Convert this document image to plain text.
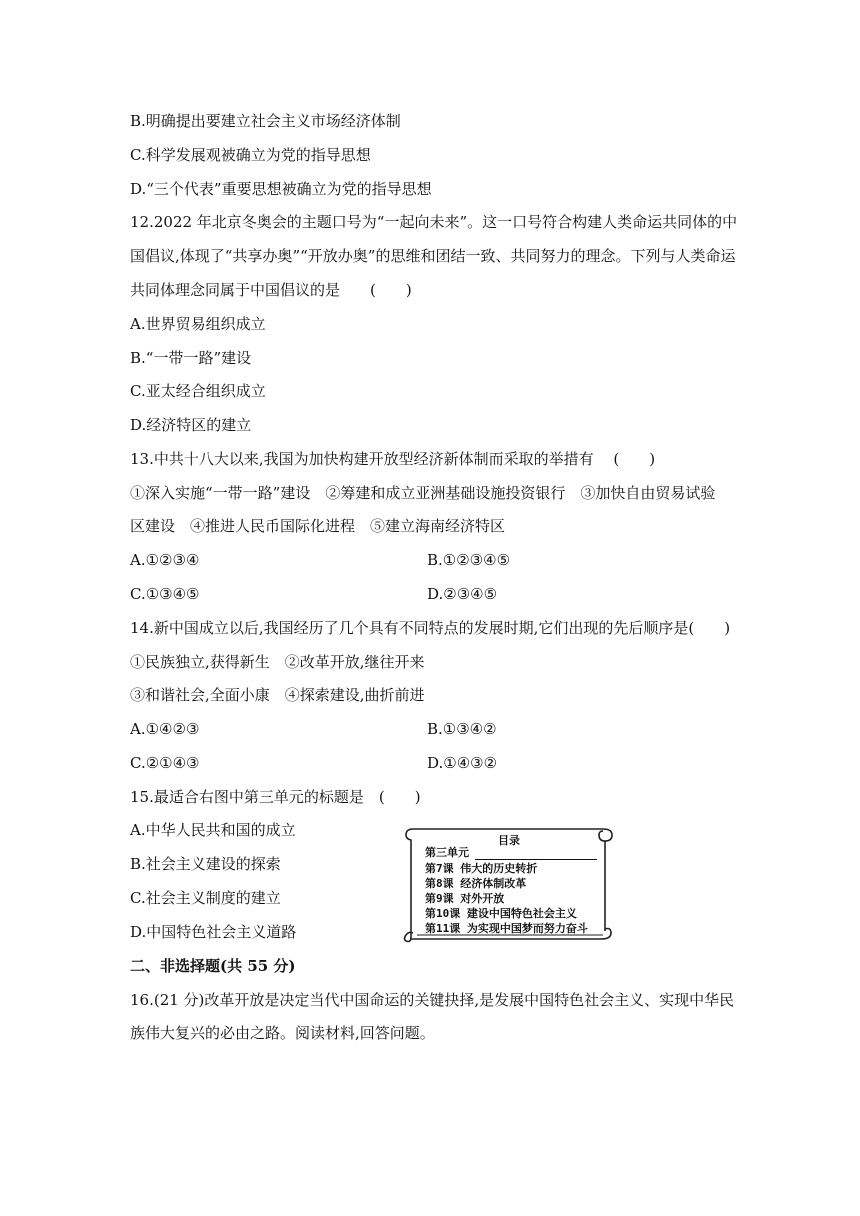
B.明确提出要建立社会主义市场经济体制
C.科学发展观被确立为党的指导思想
D.“三个代表”重要思想被确立为党的指导思想
12.2022 年北京冬奥会的主题口号为“一起向未来”。这一口号符合构建人类命运共同体的中
国倡议,体现了“共享办奥”“开放办奥”的思维和团结一致、共同努力的理念。下列与人类命运
共同体理念同属于中国倡议的是　　(　　)
A.世界贸易组织成立
B.“一带一路”建设
C.亚太经合组织成立
D.经济特区的建立
13.中共十八大以来,我国为加快构建开放型经济新体制而采取的举措有　 (　　)
①深入实施“一带一路”建设　②筹建和成立亚洲基础设施投资银行　③加快自由贸易试验
区建设　④推进人民币国际化进程　⑤建立海南经济特区
A.①②③④	B.①②③④⑤
C.①③④⑤	D.②③④⑤
14.新中国成立以后,我国经历了几个具有不同特点的发展时期,它们出现的先后顺序是(　　)
①民族独立,获得新生　②改革开放,继往开来
③和谐社会,全面小康　④探索建设,曲折前进
A.①④②③	B.①③④②
C.②①④③	D.①④③②
15.最适合右图中第三单元的标题是　(　　)
A.中华人民共和国的成立
B.社会主义建设的探索
C.社会主义制度的建立
D.中国特色社会主义道路
目录
第三单元
第7课 伟大的历史转折
第8课 经济体制改革
第9课 对外开放
第10课 建设中国特色社会主义
第11课 为实现中国梦而努力奋斗
二、非选择题(共 55 分)
16.(21 分)改革开放是决定当代中国命运的关键抉择,是发展中国特色社会主义、实现中华民
族伟大复兴的必由之路。阅读材料,回答问题。
